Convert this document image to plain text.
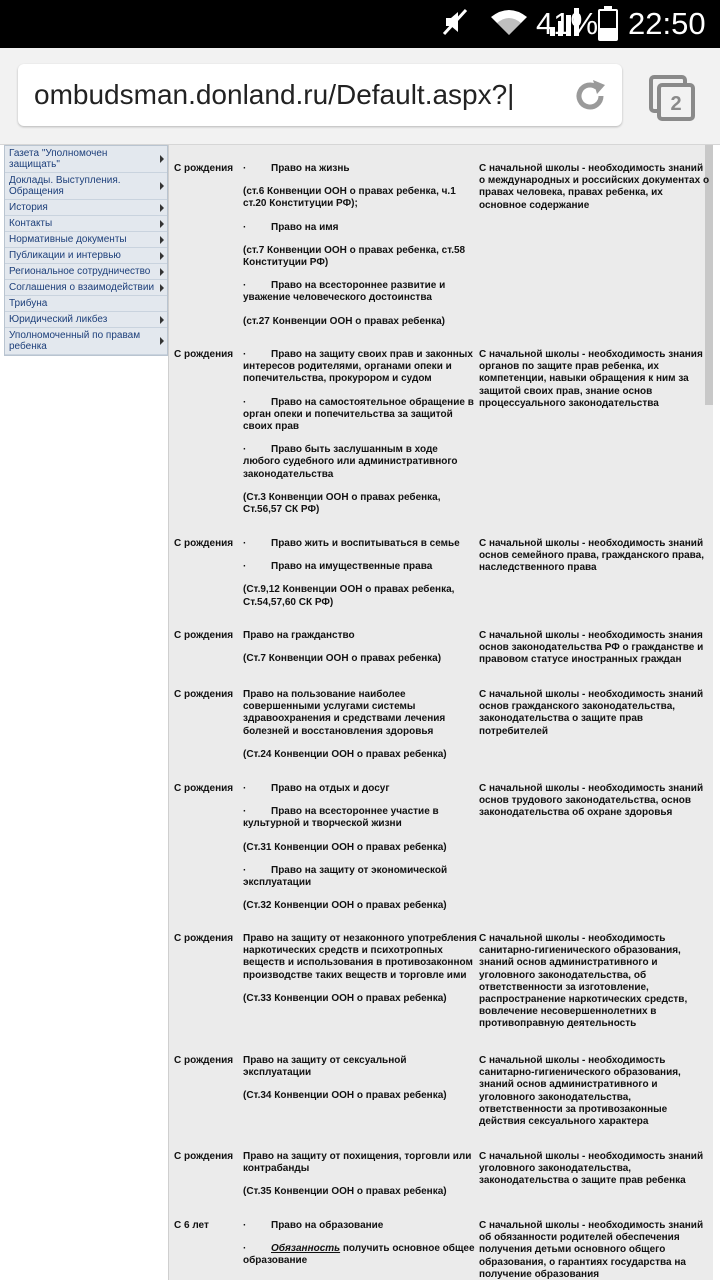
41% 22:50
ombudsman.donland.ru/Default.aspx?|	2
Газета "Уполномочен защищать"
Доклады. Выступления. Обращения
История
Контакты
Нормативные документы
Публикации и интервью
Региональное сотрудничество
Соглашения о взаимодействии
Трибуна
Юридический ликбез
Уполномоченный по правам ребенка
С рождения · Право на жизнь

(ст.6 Конвенции ООН о правах ребенка, ч.1 ст.20 Конституции РФ);

· Право на имя

(ст.7 Конвенции ООН о правах ребенка, ст.58 Конституции РФ)

· Право на всестороннее развитие и уважение человеческого достоинства

(ст.27 Конвенции ООН о правах ребенка)

С начальной школы - необходимость знаний о международных и российских документах о правах человека, правах ребенка, их основное содержание
С рождения · Право на защиту своих прав и законных интересов родителями, органами опеки и попечительства, прокурором и судом

· Право на самостоятельное обращение в орган опеки и попечительства за защитой своих прав

· Право быть заслушанным в ходе любого судебного или административного законодательства

(Ст.3 Конвенции ООН о правах ребенка, Ст.56,57 СК РФ)

С начальной школы - необходимость знания органов по защите прав ребенка, их компетенции, навыки обращения к ним за защитой своих прав, знание основ процессуального законодательства
С рождения · Право жить и воспитываться в семье

· Право на имущественные права

(Ст.9,12 Конвенции ООН о правах ребенка, Ст.54,57,60 СК РФ)

С начальной школы - необходимость знаний основ семейного права, гражданского права, наследственного права
С рождения Право на гражданство

(Ст.7 Конвенции ООН о правах ребенка)

С начальной школы - необходимость знания основ законодательства РФ о гражданстве и правовом статусе иностранных граждан
С рождения Право на пользование наиболее совершенными услугами системы здравоохранения и средствами лечения болезней и восстановления здоровья

(Ст.24 Конвенции ООН о правах ребенка)

С начальной школы - необходимость знаний основ гражданского законодательства, законодательства о защите прав потребителей
С рождения · Право на отдых и досуг

· Право на всестороннее участие в культурной и творческой жизни

(Ст.31 Конвенции ООН о правах ребенка)

· Право на защиту от экономической эксплуатации

(Ст.32 Конвенции ООН о правах ребенка)

С начальной школы - необходимость знаний основ трудового законодательства, основ законодательства об охране здоровья
С рождения Право на защиту от незаконного употребления наркотических средств и психотропных веществ и использования в противозаконном производстве таких веществ и торговле ими

(Ст.33 Конвенции ООН о правах ребенка)

С начальной школы - необходимость санитарно-гигиенического образования, знаний основ административного и уголовного законодательства, об ответственности за изготовление, распространение наркотических средств, вовлечение несовершеннолетних в противоправную деятельность
С рождения Право на защиту от сексуальной эксплуатации

(Ст.34 Конвенции ООН о правах ребенка)

С начальной школы - необходимость санитарно-гигиенического образования, знаний основ административного и уголовного законодательства, ответственности за противозаконные действия сексуального характера
С рождения Право на защиту от похищения, торговли или контрабанды

(Ст.35 Конвенции ООН о правах ребенка)

С начальной школы - необходимость знаний уголовного законодательства, законодательства о защите прав ребенка
С 6 лет	· Право на образование

· Обязанность получить основное общее образование

С начальной школы - необходимость знаний об обязанности родителей обеспечения получения детьми основного общего образования, о гарантиях государства на получение образования
